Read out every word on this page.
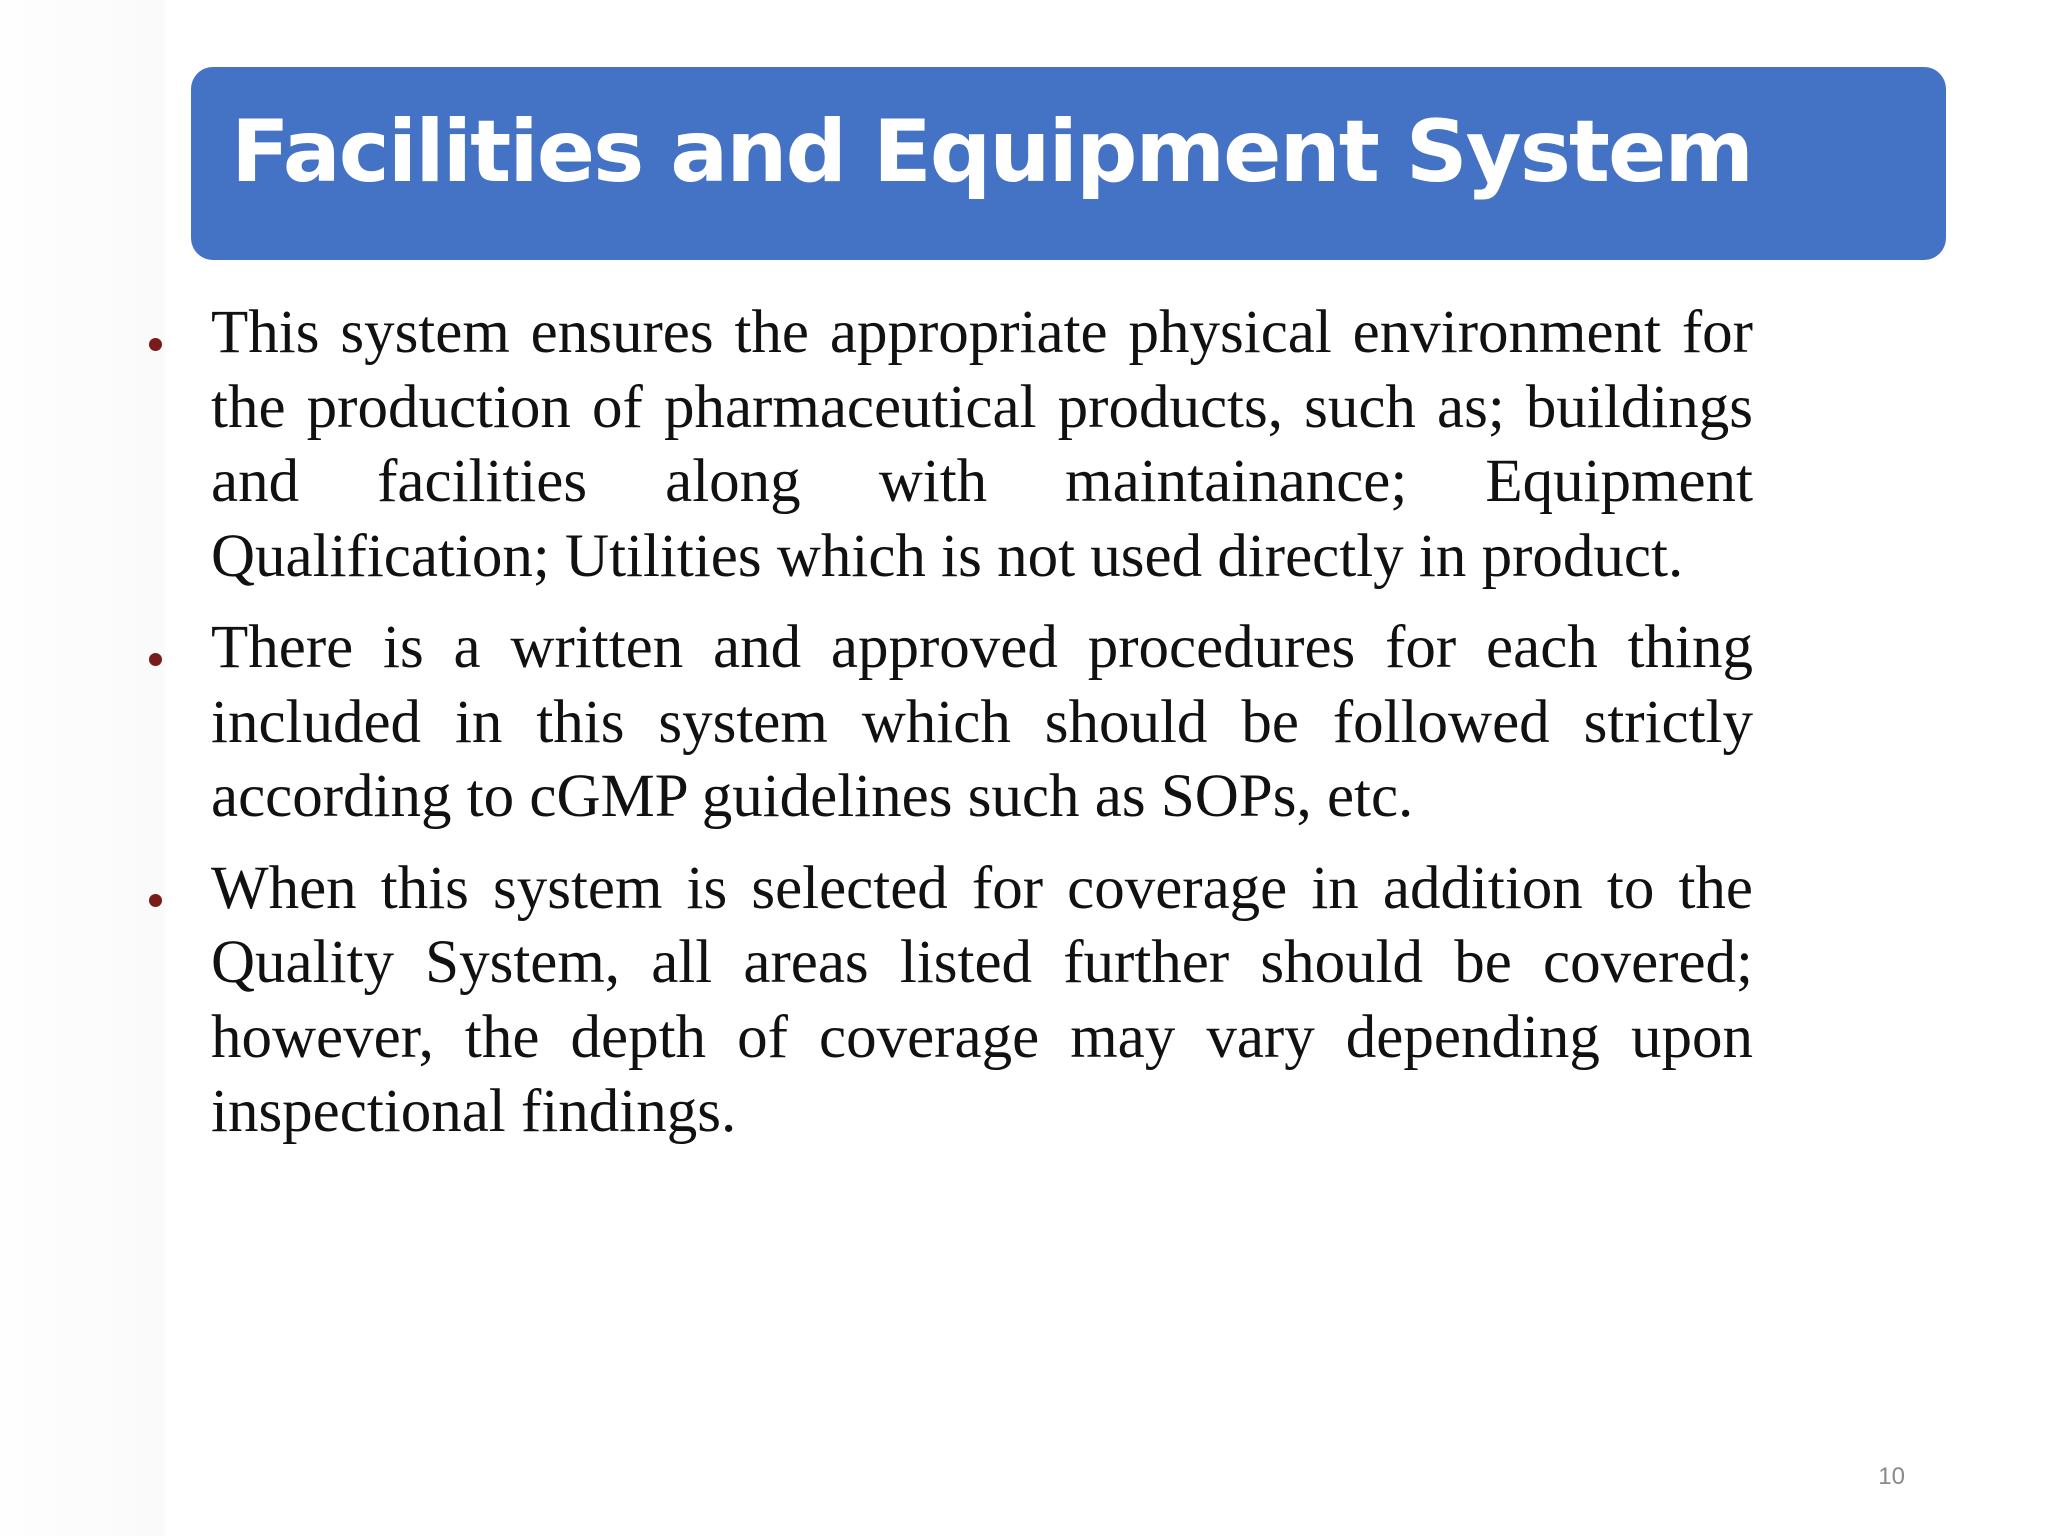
Facilities and Equipment System
This system ensures the appropriate physical environment for the production of pharmaceutical products, such as; buildings and facilities along with maintainance; Equipment Qualification; Utilities which is not used directly in product.
There is a written and approved procedures for each thing included in this system which should be followed strictly according to cGMP guidelines such as SOPs, etc.
When this system is selected for coverage in addition to the Quality System, all areas listed further should be covered; however, the depth of coverage may vary depending upon inspectional findings.
10
